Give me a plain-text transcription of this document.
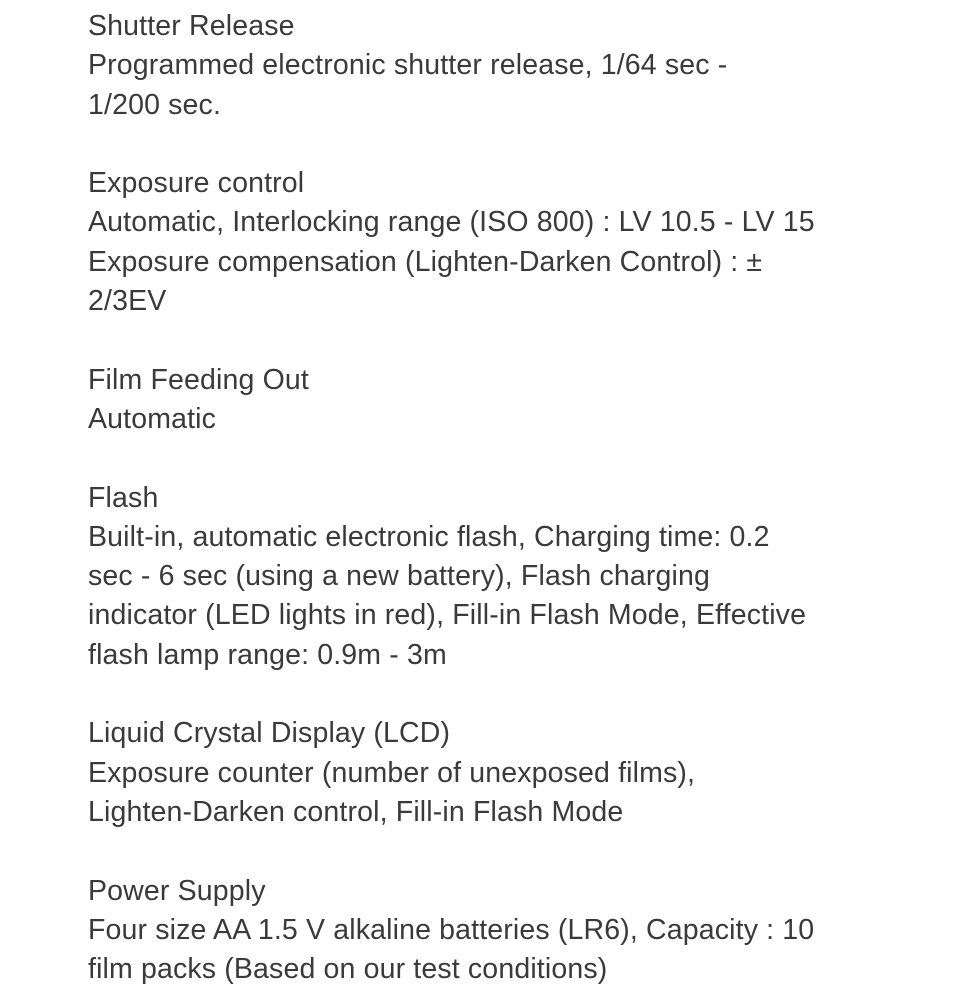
Shutter Release
Programmed electronic shutter release, 1/64 sec -
1/200 sec.
Exposure control
Automatic, Interlocking range (ISO 800) : LV 10.5 - LV 15
Exposure compensation (Lighten-Darken Control) : ±
2/3EV
Film Feeding Out
Automatic
Flash
Built-in, automatic electronic flash, Charging time: 0.2
sec - 6 sec (using a new battery), Flash charging
indicator (LED lights in red), Fill-in Flash Mode, Effective
flash lamp range: 0.9m - 3m
Liquid Crystal Display (LCD)
Exposure counter (number of unexposed films),
Lighten-Darken control, Fill-in Flash Mode
Power Supply
Four size AA 1.5 V alkaline batteries (LR6), Capacity : 10
film packs (Based on our test conditions)
